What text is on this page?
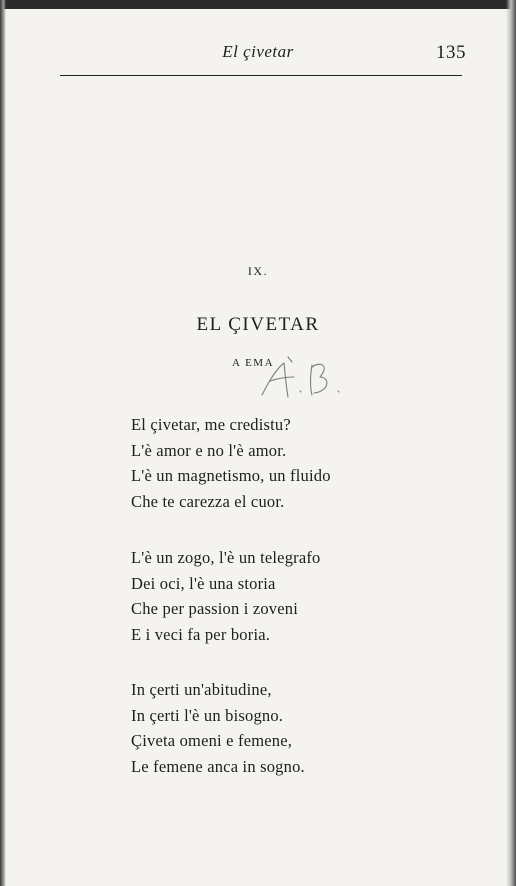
El çivetar	135
IX.
EL ÇIVETAR
A EMA
El çivetar, me credistu?
L'è amor e no l'è amor.
L'è un magnetismo, un fluido
Che te carezza el cuor.
L'è un zogo, l'è un telegrafo
Dei oci, l'è una storia
Che per passion i zoveni
E i veci fa per boria.
In çerti un'abitudine,
In çerti l'è un bisogno.
Çiveta omeni e femene,
Le femene anca in sogno.
